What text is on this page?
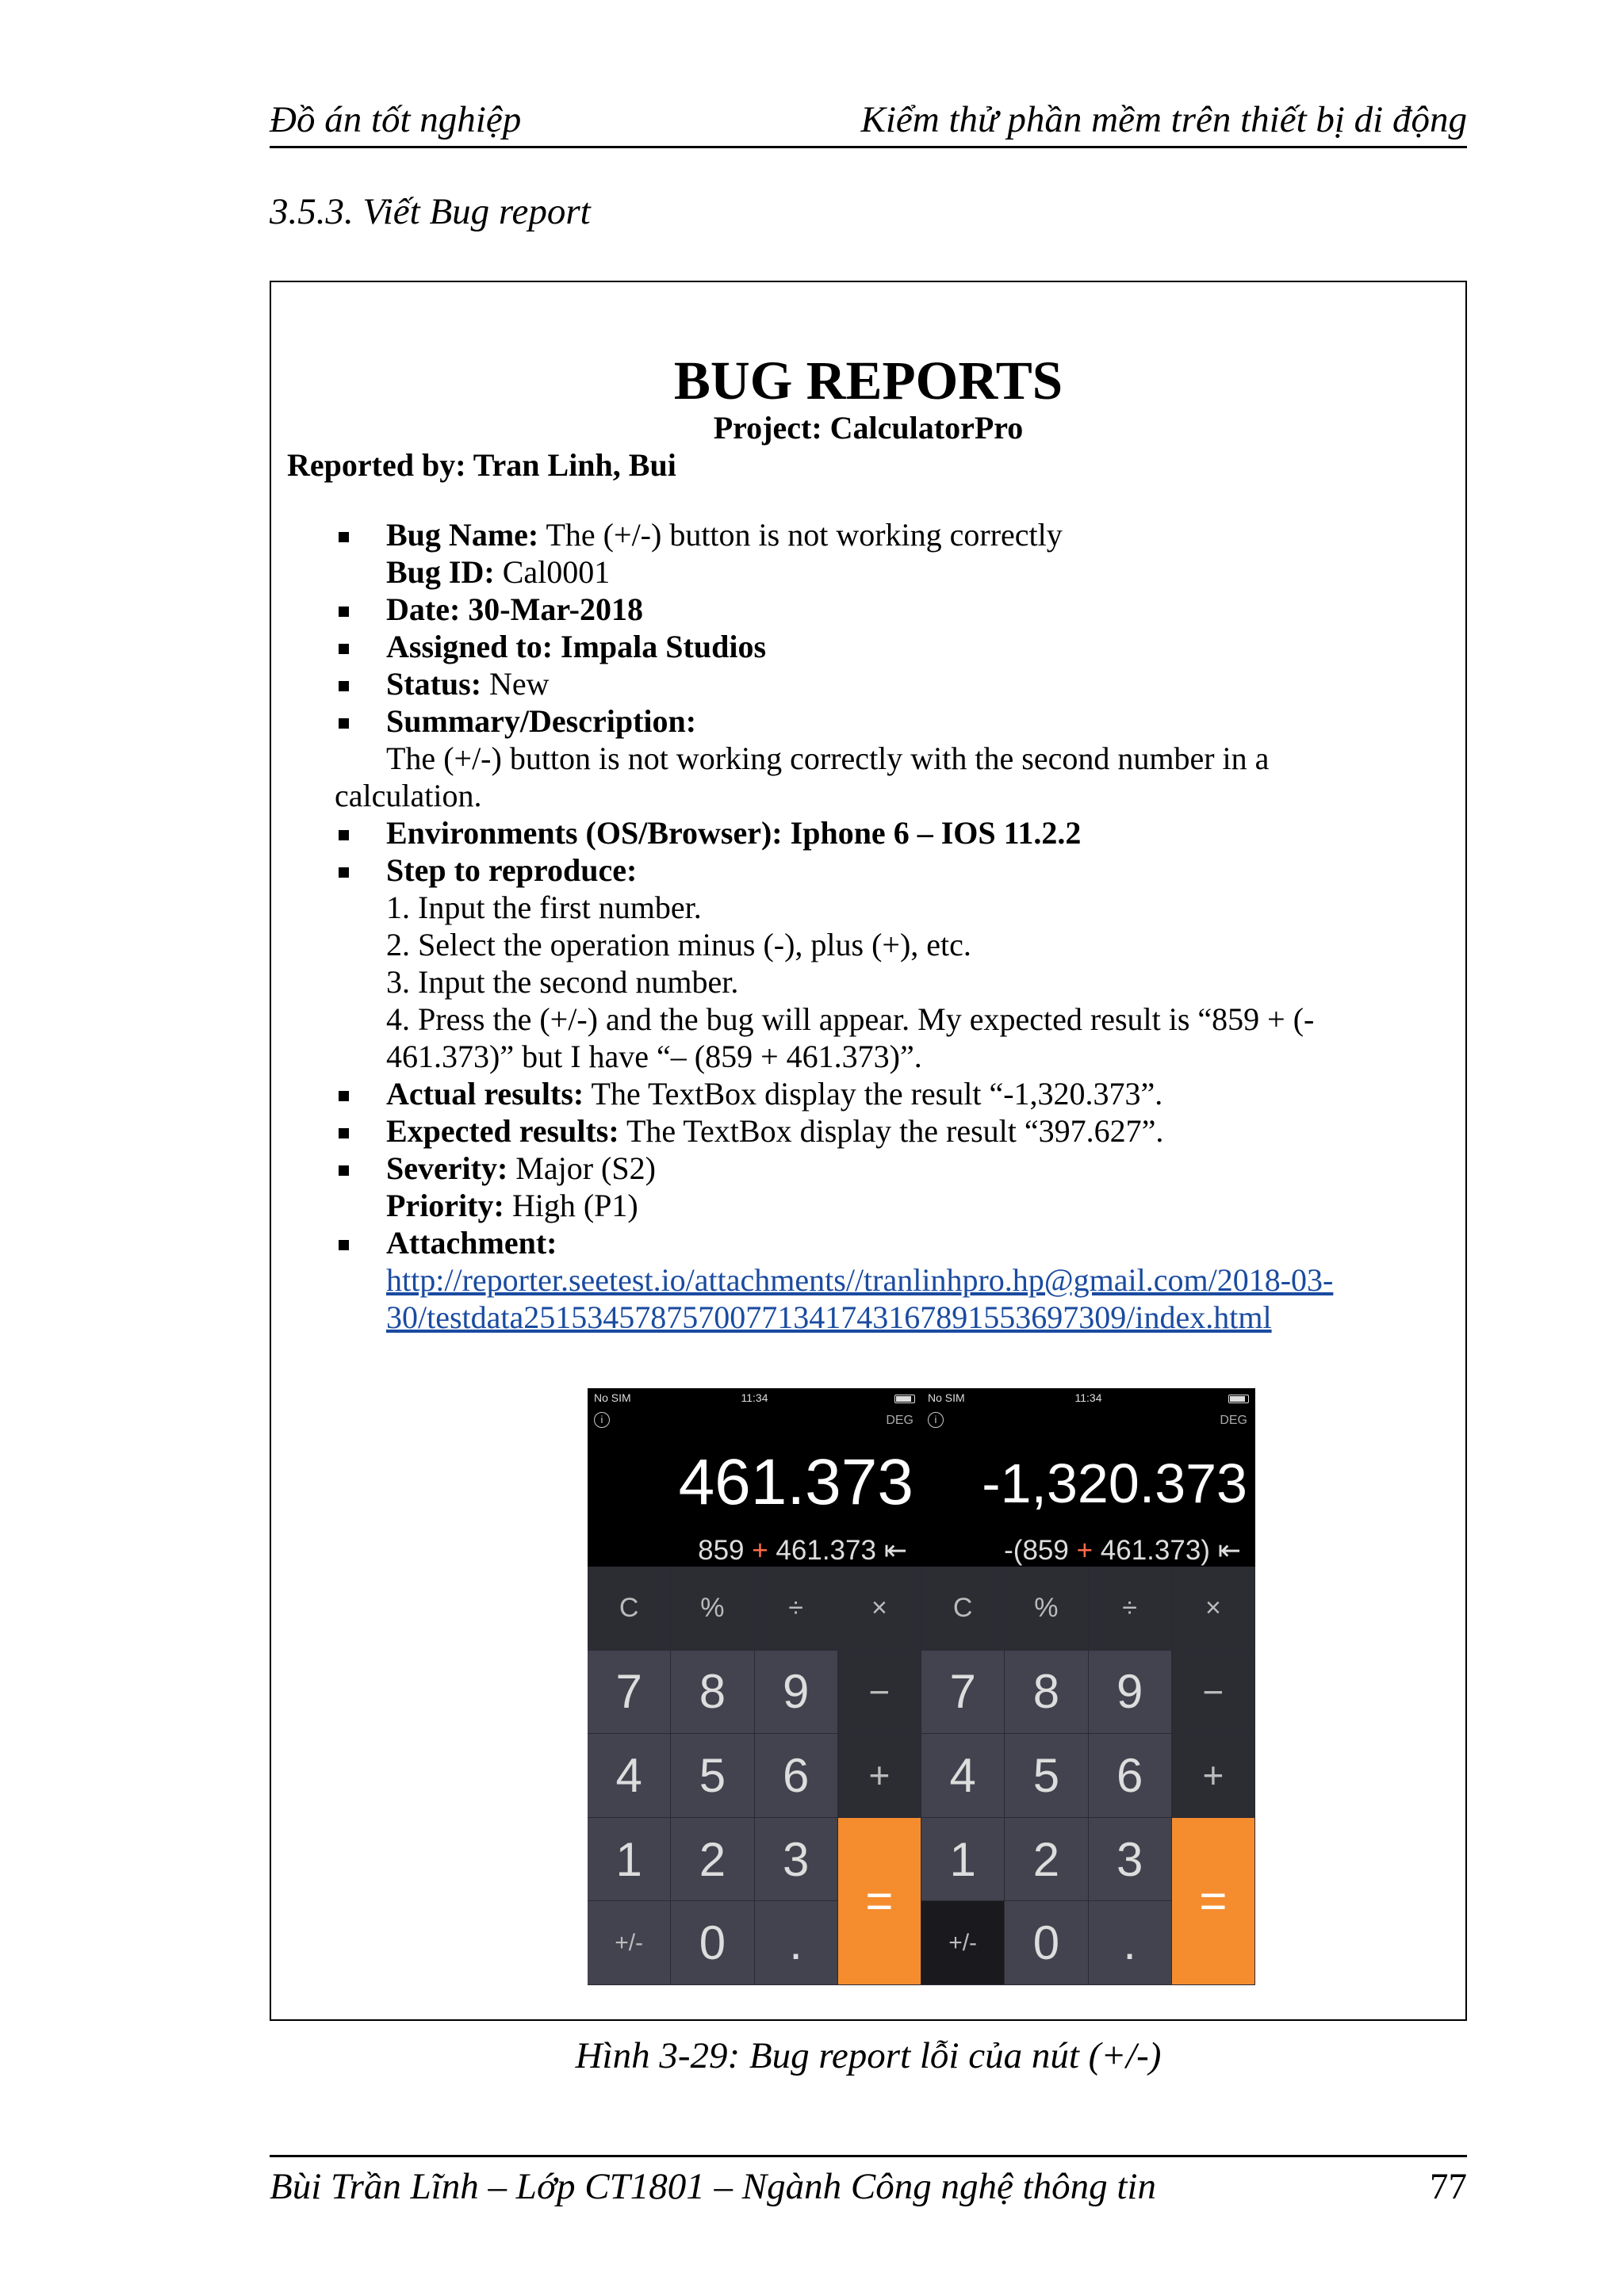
Đồ án tốt nghiệp	Kiểm thử phần mềm trên thiết bị di động
3.5.3. Viết Bug report
BUG REPORTS
Project: CalculatorPro
Reported by: Tran Linh, Bui
Bug Name: The (+/-) button is not working correctly
Bug ID: Cal0001
Date: 30-Mar-2018
Assigned to: Impala Studios
Status: New
Summary/Description:
The (+/-) button is not working correctly with the second number in a
calculation.
Environments (OS/Browser): Iphone 6 – IOS 11.2.2
Step to reproduce:
1. Input the first number.
2. Select the operation minus (-), plus (+), etc.
3. Input the second number.
4. Press the (+/-) and the bug will appear. My expected result is “859 + (-
461.373)” but I have “– (859 + 461.373)”.
Actual results: The TextBox display the result “-1,320.373”.
Expected results: The TextBox display the result “397.627”.
Severity: Major (S2)
Priority: High (P1)
Attachment:
http://reporter.seetest.io/attachments//tranlinhpro.hp@gmail.com/2018-03-
30/testdata25153457875700771341743167891553697309/index.html
No SIM	11:34
i	DEG
461.373
859 + 461.373 ⇤
C	%	÷	×
7	8	9	−
4	5	6	+
1	2	3
+/-	0	.
=
No SIM	11:34
i	DEG
-1,320.373
-(859 + 461.373) ⇤
C	%	÷	×
7	8	9	−
4	5	6	+
1	2	3
+/-	0	.
=
Hình 3-29: Bug report lỗi của nút (+/-)
Bùi Trần Lĩnh – Lớp CT1801 – Ngành Công nghệ thông tin	77
